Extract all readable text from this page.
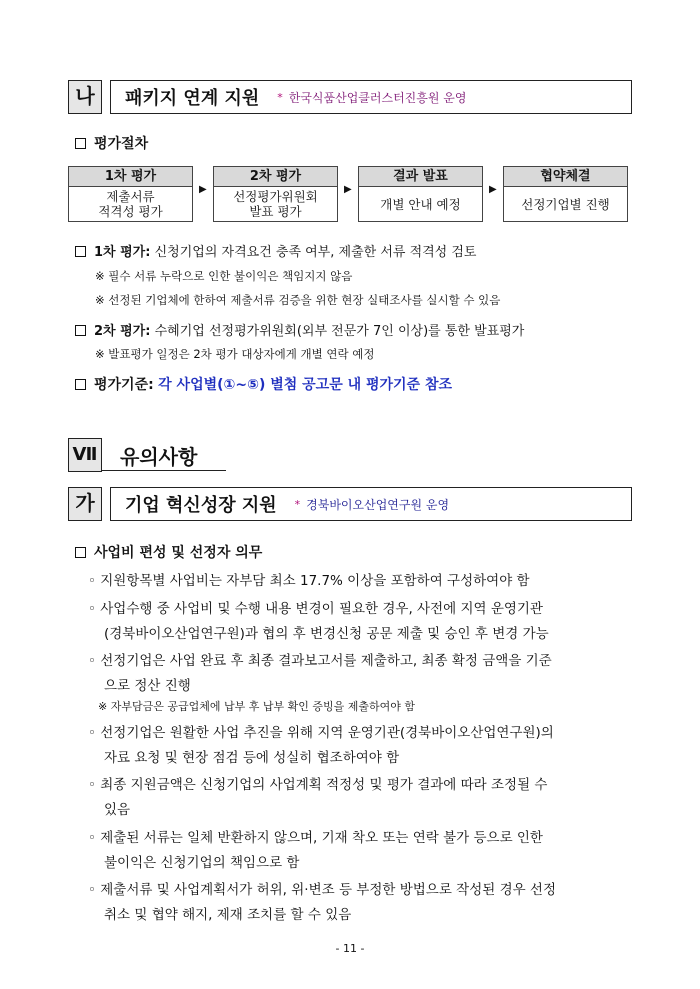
나	패키지 연계 지원 * 한국식품산업클러스터진흥원 운영
평가절차
1차 평가
제출서류
적격성 평가
▶
2차 평가
선정평가위원회
발표 평가
▶
결과 발표
개별 안내 예정
▶
협약체결
선정기업별 진행
1차 평가: 신청기업의 자격요건 충족 여부, 제출한 서류 적격성 검토
※ 필수 서류 누락으로 인한 불이익은 책임지지 않음
※ 선정된 기업체에 한하여 제출서류 검증을 위한 현장 실태조사를 실시할 수 있음
2차 평가: 수혜기업 선정평가위원회(외부 전문가 7인 이상)를 통한 발표평가
※ 발표평가 일정은 2차 평가 대상자에게 개별 연락 예정
평가기준: 각 사업별(①~⑤) 별첨 공고문 내 평가기준 참조
Ⅶ 유의사항
가	기업 혁신성장 지원 * 경북바이오산업연구원 운영
사업비 편성 및 선정자 의무
◦ 지원항목별 사업비는 자부담 최소 17.7% 이상을 포함하여 구성하여야 함
◦ 사업수행 중 사업비 및 수행 내용 변경이 필요한 경우, 사전에 지역 운영기관
(경북바이오산업연구원)과 협의 후 변경신청 공문 제출 및 승인 후 변경 가능
◦ 선정기업은 사업 완료 후 최종 결과보고서를 제출하고, 최종 확정 금액을 기준
으로 정산 진행
※ 자부담금은 공급업체에 납부 후 납부 확인 증빙을 제출하여야 함
◦ 선정기업은 원활한 사업 추진을 위해 지역 운영기관(경북바이오산업연구원)의
자료 요청 및 현장 점검 등에 성실히 협조하여야 함
◦ 최종 지원금액은 신청기업의 사업계획 적정성 및 평가 결과에 따라 조정될 수
있음
◦ 제출된 서류는 일체 반환하지 않으며, 기재 착오 또는 연락 불가 등으로 인한
불이익은 신청기업의 책임으로 함
◦ 제출서류 및 사업계획서가 허위, 위·변조 등 부정한 방법으로 작성된 경우 선정
취소 및 협약 해지, 제재 조치를 할 수 있음
- 11 -
